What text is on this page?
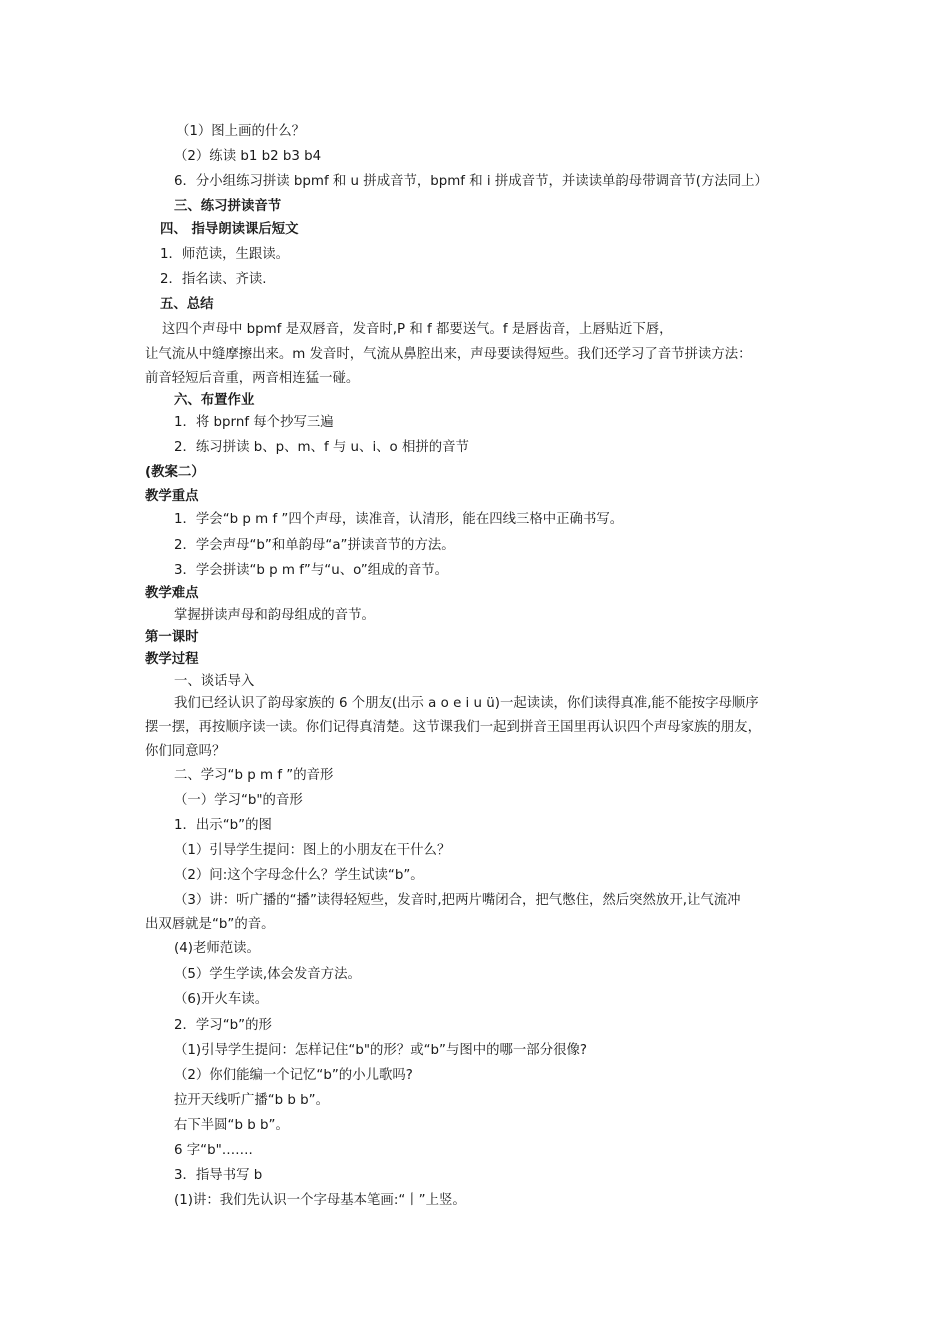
（1）图上画的什么？
（2）练读 b1 b2 b3 b4
6．分小组练习拼读 bpmf 和 u 拼成音节，bpmf 和 i 拼成音节，并读读单韵母带调音节(方法同上）
三、练习拼读音节
四、 指导朗读课后短文
1．师范读，生跟读。
2．指名读、齐读.
五、总结
这四个声母中 bpmf 是双唇音，发音时,P 和 f 都要送气。f 是唇齿音，上唇贴近下唇，
让气流从中缝摩擦出来。m 发音时，气流从鼻腔出来，声母要读得短些。我们还学习了音节拼读方法：
前音轻短后音重，两音相连猛一碰。
六、布置作业
1．将 bprnf 每个抄写三遍
2．练习拼读 b、p、m、f 与 u、i、o 相拼的音节
(教案二）
教学重点
1．学会“b p m f ”四个声母，读准音，认清形，能在四线三格中正确书写。
2．学会声母“b”和单韵母“a”拼读音节的方法。
3．学会拼读“b p m f”与“u、o”组成的音节。
教学难点
掌握拼读声母和韵母组成的音节。
第一课时
教学过程
一、谈话导入
我们已经认识了韵母家族的 6 个朋友(出示 a o e i u ü)一起读读，你们读得真准,能不能按字母顺序
摆一摆，再按顺序读一读。你们记得真清楚。这节课我们一起到拼音王国里再认识四个声母家族的朋友，
你们同意吗？
二、学习“b p m f ”的音形
（一）学习“b"的音形
1．出示“b”的图
（1）引导学生提问：图上的小朋友在干什么？
（2）问:这个字母念什么？学生试读“b”。
（3）讲：听广播的“播”读得轻短些，发音时,把两片嘴闭合，把气憋住，然后突然放开,让气流冲
出双唇就是“b”的音。
(4)老师范读。
（5）学生学读,体会发音方法。
（6)开火车读。
2．学习“b”的形
（1)引导学生提问：怎样记住“b"的形？或“b”与图中的哪一部分很像?
（2）你们能编一个记忆“b”的小儿歌吗?
拉开天线听广播“b b b”。
右下半圆“b b b”。
6 字“b"…….
3．指导书写 b
(1)讲：我们先认识一个字母基本笔画:“丨”上竖。
